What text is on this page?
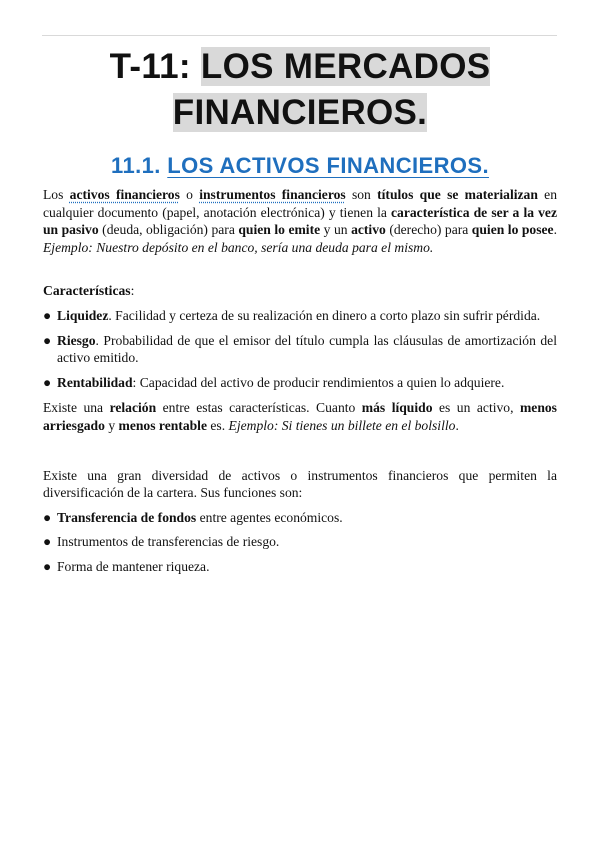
T-11: LOS MERCADOS
FINANCIEROS.
11.1. LOS ACTIVOS FINANCIEROS.

Los activos financieros o instrumentos financieros son títulos que se materializan en cualquier documento (papel, anotación electrónica) y tienen la característica de ser a la vez un pasivo (deuda, obligación) para quien lo emite y un activo (derecho) para quien lo posee. Ejemplo: Nuestro depósito en el banco, sería una deuda para el mismo.

Características:

● Liquidez. Facilidad y certeza de su realización en dinero a corto plazo sin sufrir pérdida.
● Riesgo. Probabilidad de que el emisor del título cumpla las cláusulas de amortización del activo emitido.
● Rentabilidad: Capacidad del activo de producir rendimientos a quien lo adquiere.

Existe una relación entre estas características. Cuanto más líquido es un activo, menos arriesgado y menos rentable es. Ejemplo: Si tienes un billete en el bolsillo.

Existe una gran diversidad de activos o instrumentos financieros que permiten la diversificación de la cartera. Sus funciones son:

● Transferencia de fondos entre agentes económicos.
● Instrumentos de transferencias de riesgo.
● Forma de mantener riqueza.
